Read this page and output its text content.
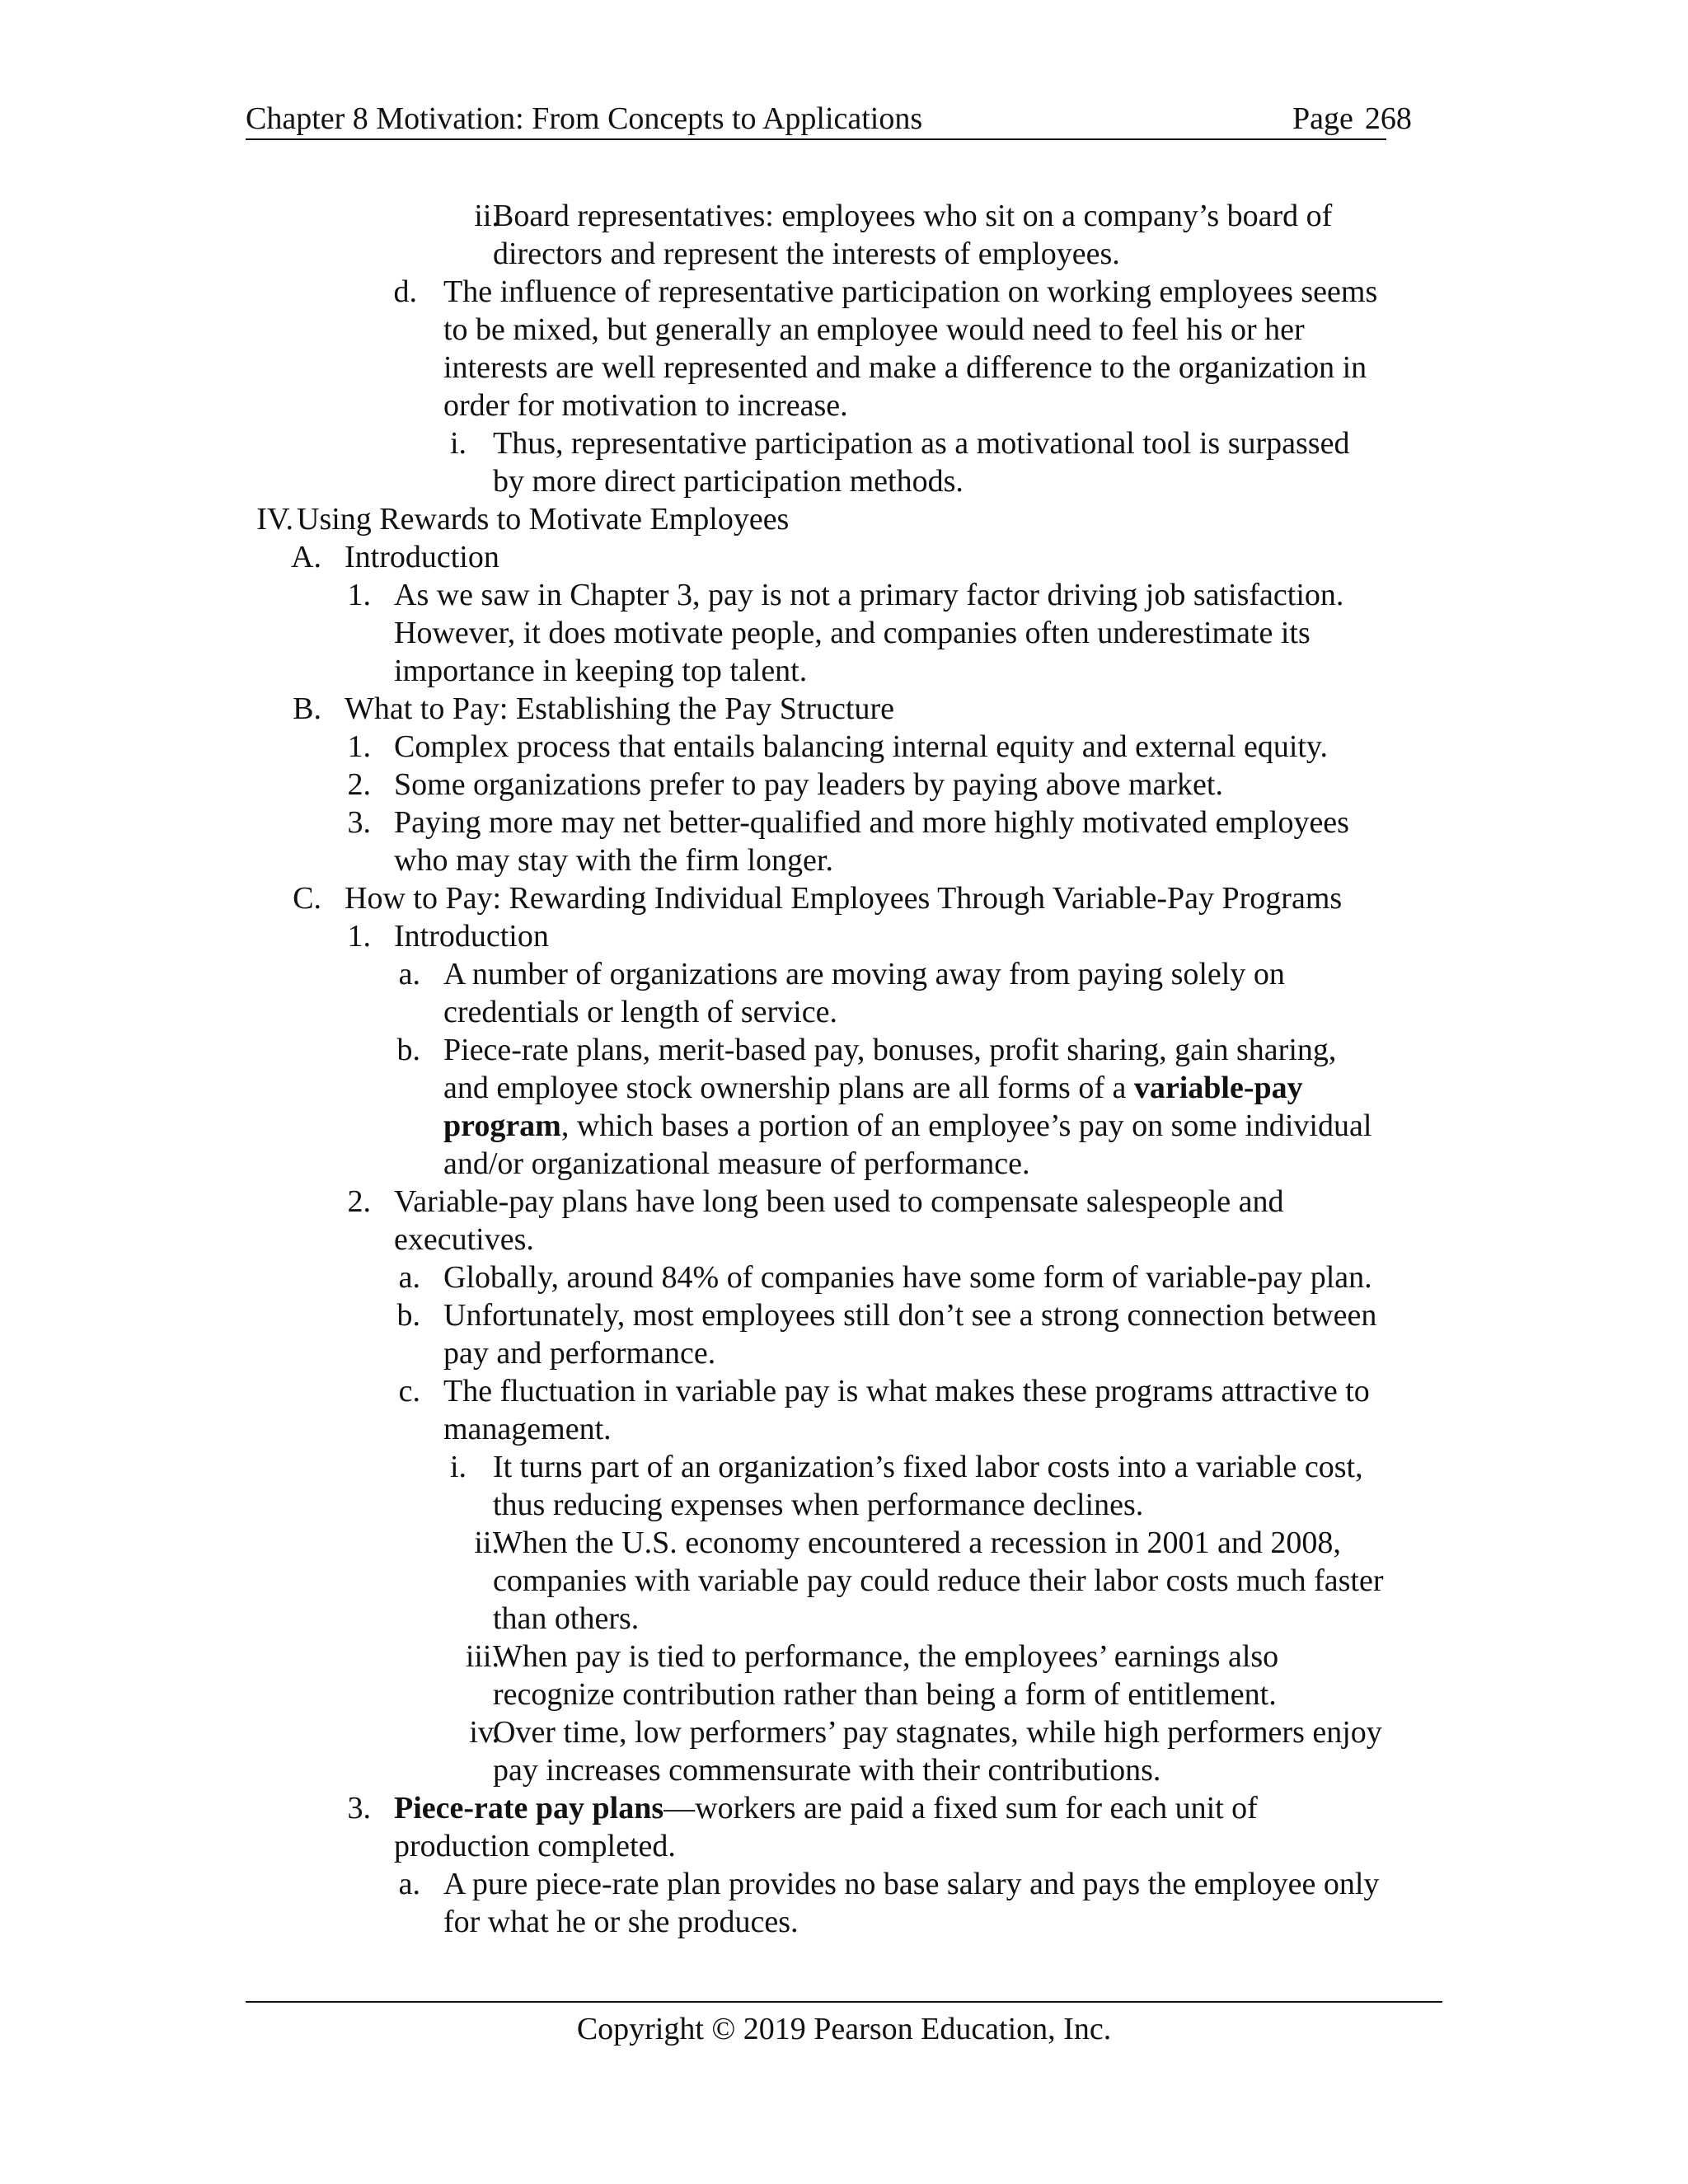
Chapter 8 Motivation: From Concepts to Applications	Page 268
ii.
Board representatives: employees who sit on a company’s board of
directors and represent the interests of employees.
d. The influence of representative participation on working employees seems
to be mixed, but generally an employee would need to feel his or her
interests are well represented and make a difference to the organization in
order for motivation to increase.
i. Thus, representative participation as a motivational tool is surpassed
by more direct participation methods.
IV. Using Rewards to Motivate Employees
A. Introduction
1. As we saw in Chapter 3, pay is not a primary factor driving job satisfaction.
However, it does motivate people, and companies often underestimate its
importance in keeping top talent.
B. What to Pay: Establishing the Pay Structure
1. Complex process that entails balancing internal equity and external equity.
2. Some organizations prefer to pay leaders by paying above market.
3. Paying more may net better-qualified and more highly motivated employees
who may stay with the firm longer.
C. How to Pay: Rewarding Individual Employees Through Variable-Pay Programs
1. Introduction
a. A number of organizations are moving away from paying solely on
credentials or length of service.
b. Piece-rate plans, merit-based pay, bonuses, profit sharing, gain sharing,
and employee stock ownership plans are all forms of a variable-pay
program, which bases a portion of an employee’s pay on some individual
and/or organizational measure of performance.
2. Variable-pay plans have long been used to compensate salespeople and
executives.
a. Globally, around 84% of companies have some form of variable-pay plan.
b. Unfortunately, most employees still don’t see a strong connection between
pay and performance.
c. The fluctuation in variable pay is what makes these programs attractive to
management.
i. It turns part of an organization’s fixed labor costs into a variable cost,
thus reducing expenses when performance declines.
ii.
When the U.S. economy encountered a recession in 2001 and 2008,
companies with variable pay could reduce their labor costs much faster
than others.
iii.
When pay is tied to performance, the employees’ earnings also
recognize contribution rather than being a form of entitlement.
iv.
Over time, low performers’ pay stagnates, while high performers enjoy
pay increases commensurate with their contributions.
3. Piece-rate pay plans—workers are paid a fixed sum for each unit of
production completed.
a. A pure piece-rate plan provides no base salary and pays the employee only
for what he or she produces.
Copyright © 2019 Pearson Education, Inc.
